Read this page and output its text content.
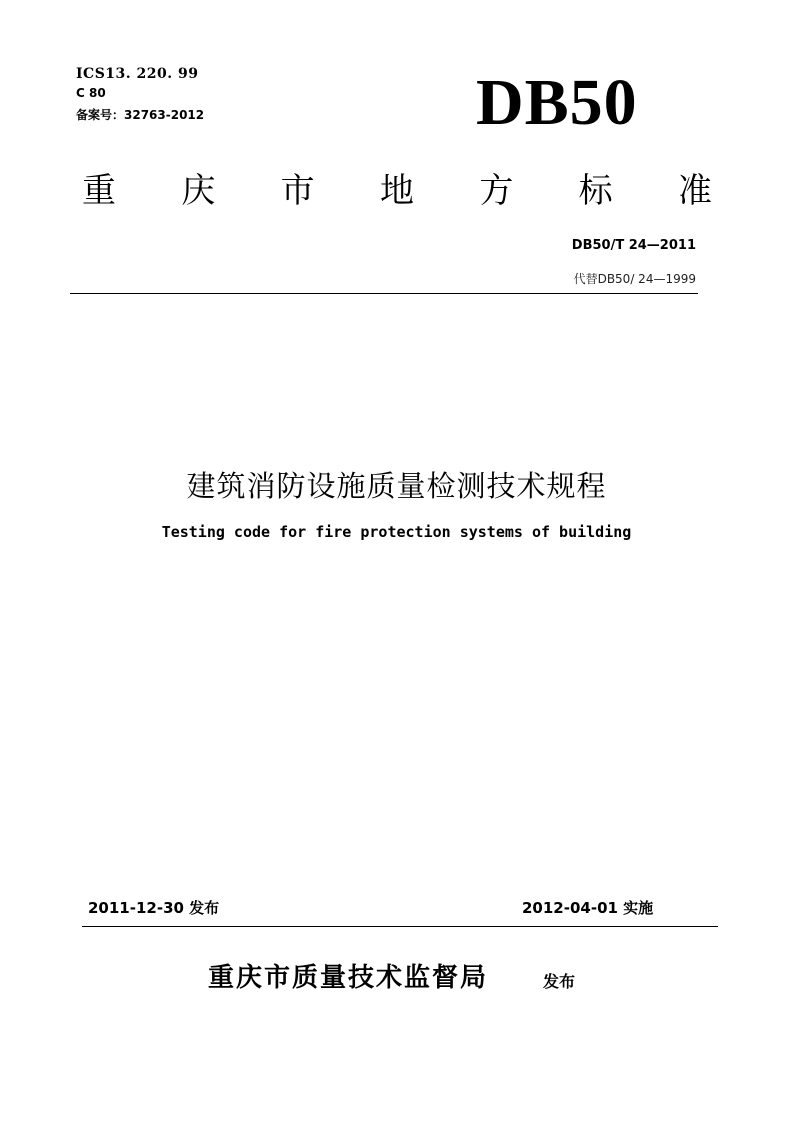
ICS13. 220. 99
C 80
备案号：32763-2012	DB50
重 庆 市 地 方 标 准
DB50/T 24—2011
代替DB50/ 24—1999
建筑消防设施质量检测技术规程
Testing code for fire protection systems of building
2011-12-30 发布	2012-04-01 实施
重庆市质量技术监督局	发布
